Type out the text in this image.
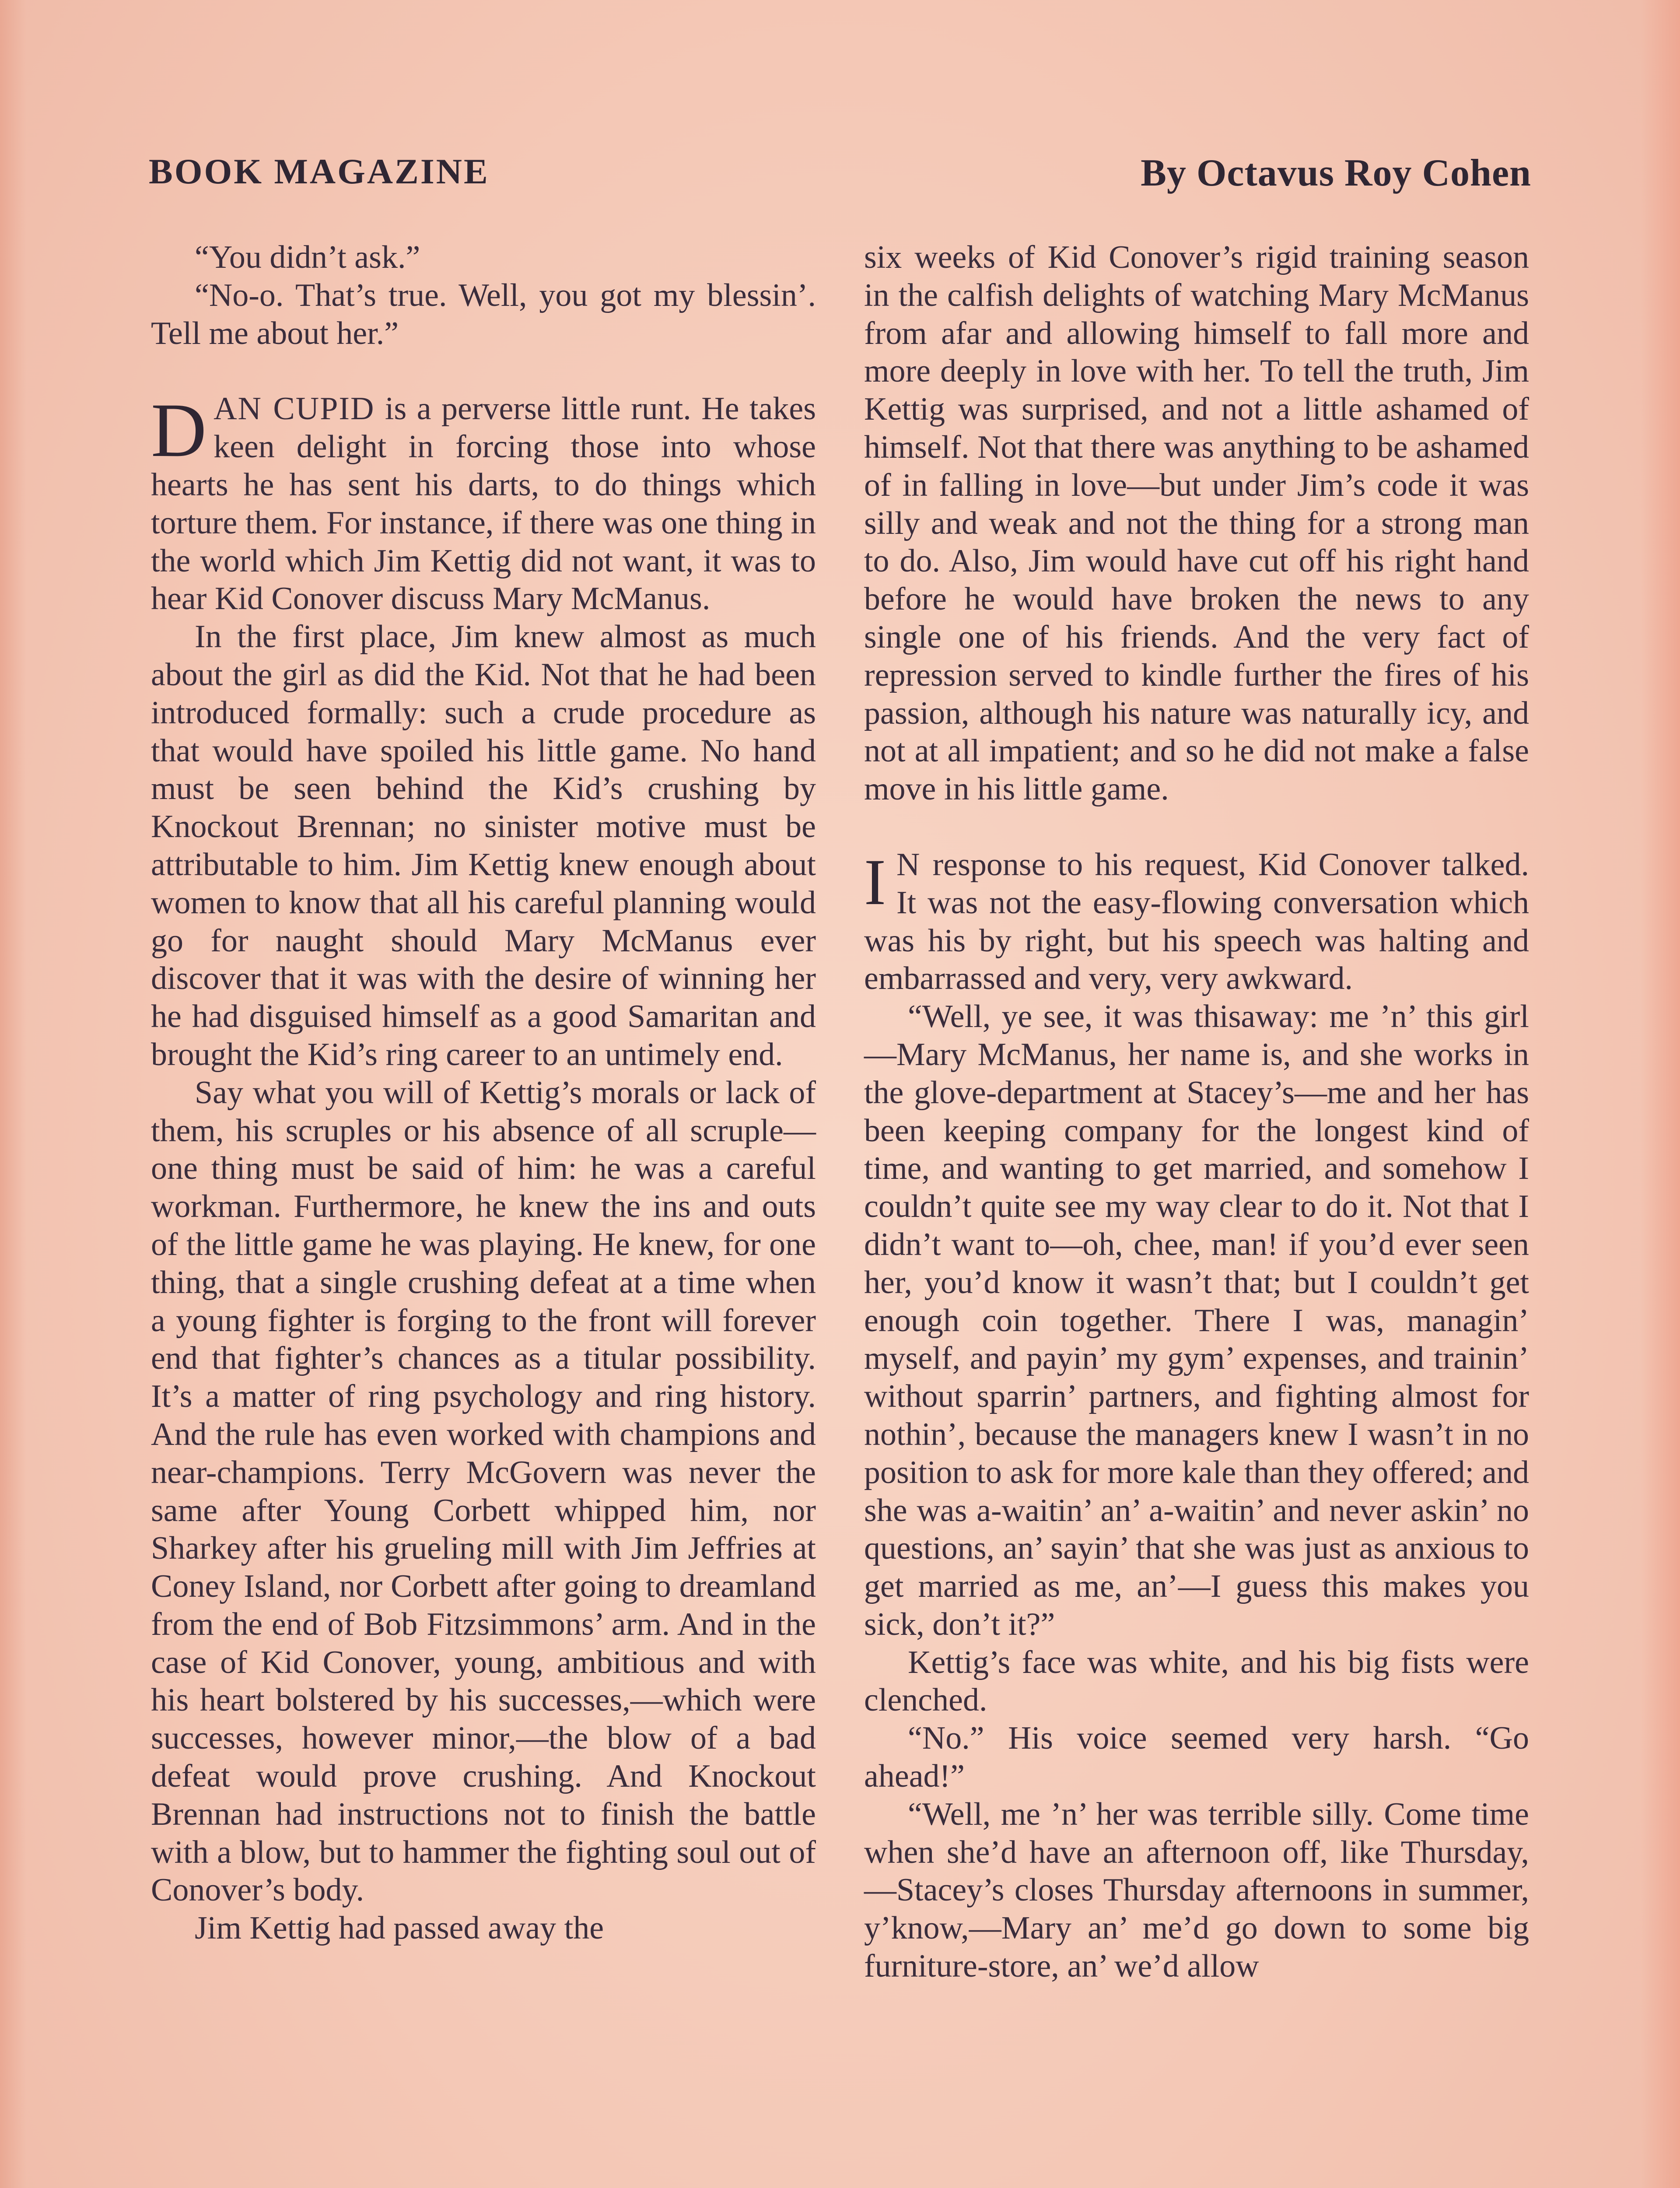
BOOK MAGAZINE	By Octavus Roy Cohen

“You didn’t ask.”

“No-o. That’s true. Well, you got my blessin’. Tell me about her.”

DAN CUPID is a perverse little runt. He takes keen delight in forcing those into whose hearts he has sent his darts, to do things which torture them. For instance, if there was one thing in the world which Jim Kettig did not want, it was to hear Kid Conover discuss Mary McManus.

In the first place, Jim knew almost as much about the girl as did the Kid. Not that he had been introduced formally: such a crude procedure as that would have spoiled his little game. No hand must be seen behind the Kid’s crushing by Knockout Brennan; no sinister motive must be attributable to him. Jim Kettig knew enough about women to know that all his careful planning would go for naught should Mary McManus ever discover that it was with the desire of winning her he had disguised himself as a good Samaritan and brought the Kid’s ring career to an untimely end.

Say what you will of Kettig’s morals or lack of them, his scruples or his absence of all scruple—one thing must be said of him: he was a careful workman. Furthermore, he knew the ins and outs of the little game he was playing. He knew, for one thing, that a single crushing defeat at a time when a young fighter is forging to the front will forever end that fighter’s chances as a titular possibility. It’s a matter of ring psychology and ring history. And the rule has even worked with champions and near-champions. Terry McGovern was never the same after Young Corbett whipped him, nor Sharkey after his grueling mill with Jim Jeffries at Coney Island, nor Corbett after going to dreamland from the end of Bob Fitzsimmons’ arm. And in the case of Kid Conover, young, ambitious and with his heart bolstered by his successes,—which were successes, however minor,—the blow of a bad defeat would prove crushing. And Knockout Brennan had instructions not to finish the battle with a blow, but to hammer the fighting soul out of Conover’s body.

Jim Kettig had passed away the

six weeks of Kid Conover’s rigid training season in the calfish delights of watching Mary McManus from afar and allowing himself to fall more and more deeply in love with her. To tell the truth, Jim Kettig was surprised, and not a little ashamed of himself. Not that there was anything to be ashamed of in falling in love—but under Jim’s code it was silly and weak and not the thing for a strong man to do. Also, Jim would have cut off his right hand before he would have broken the news to any single one of his friends. And the very fact of repression served to kindle further the fires of his passion, although his nature was naturally icy, and not at all impatient; and so he did not make a false move in his little game.

I N response to his request, Kid Conover talked. It was not the easy-flowing conversation which was his by right, but his speech was halting and embarrassed and very, very awkward.

“Well, ye see, it was thisaway: me ’n’ this girl—Mary McManus, her name is, and she works in the glove-department at Stacey’s—me and her has been keeping company for the longest kind of time, and wanting to get married, and somehow I couldn’t quite see my way clear to do it. Not that I didn’t want to—oh, chee, man! if you’d ever seen her, you’d know it wasn’t that; but I couldn’t get enough coin together. There I was, managin’ myself, and payin’ my gym’ expenses, and trainin’ without sparrin’ partners, and fighting almost for nothin’, because the managers knew I wasn’t in no position to ask for more kale than they offered; and she was a-waitin’ an’ a-waitin’ and never askin’ no questions, an’ sayin’ that she was just as anxious to get married as me, an’—I guess this makes you sick, don’t it?”

Kettig’s face was white, and his big fists were clenched.

“No.” His voice seemed very harsh. “Go ahead!”

“Well, me ’n’ her was terrible silly. Come time when she’d have an afternoon off, like Thursday,—Stacey’s closes Thursday afternoons in summer, y’know,—Mary an’ me’d go down to some big furniture-store, an’ we’d allow
